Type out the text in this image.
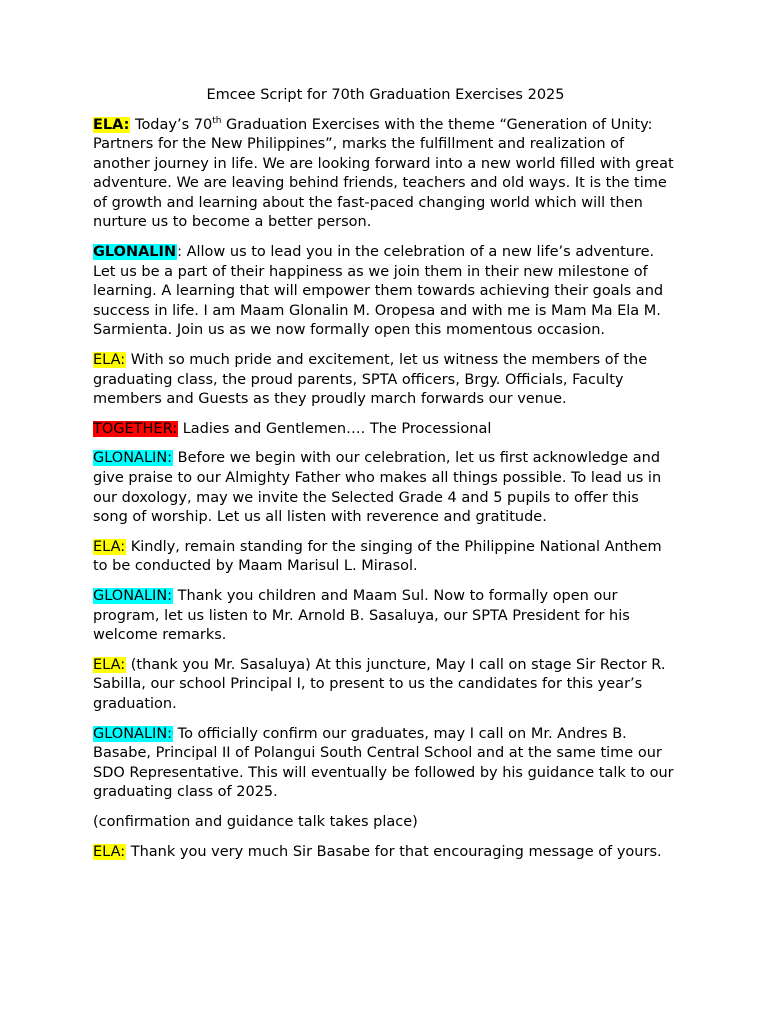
Emcee Script for 70th Graduation Exercises 2025

ELA: Today’s 70th Graduation Exercises with the theme “Generation of Unity: Partners for the New Philippines”, marks the fulfillment and realization of another journey in life. We are looking forward into a new world filled with great adventure. We are leaving behind friends, teachers and old ways. It is the time of growth and learning about the fast-paced changing world which will then nurture us to become a better person.

GLONALIN: Allow us to lead you in the celebration of a new life’s adventure. Let us be a part of their happiness as we join them in their new milestone of learning. A learning that will empower them towards achieving their goals and success in life. I am Maam Glonalin M. Oropesa and with me is Mam Ma Ela M. Sarmienta. Join us as we now formally open this momentous occasion.

ELA: With so much pride and excitement, let us witness the members of the graduating class, the proud parents, SPTA officers, Brgy. Officials, Faculty members and Guests as they proudly march forwards our venue.

TOGETHER: Ladies and Gentlemen…. The Processional

GLONALIN: Before we begin with our celebration, let us first acknowledge and give praise to our Almighty Father who makes all things possible. To lead us in our doxology, may we invite the Selected Grade 4 and 5 pupils to offer this song of worship. Let us all listen with reverence and gratitude.

ELA: Kindly, remain standing for the singing of the Philippine National Anthem to be conducted by Maam Marisul L. Mirasol.

GLONALIN: Thank you children and Maam Sul. Now to formally open our program, let us listen to Mr. Arnold B. Sasaluya, our SPTA President for his welcome remarks.

ELA: (thank you Mr. Sasaluya) At this juncture, May I call on stage Sir Rector R. Sabilla, our school Principal I, to present to us the candidates for this year’s graduation.

GLONALIN: To officially confirm our graduates, may I call on Mr. Andres B. Basabe, Principal II of Polangui South Central School and at the same time our SDO Representative. This will eventually be followed by his guidance talk to our graduating class of 2025.

(confirmation and guidance talk takes place)

ELA: Thank you very much Sir Basabe for that encouraging message of yours.
